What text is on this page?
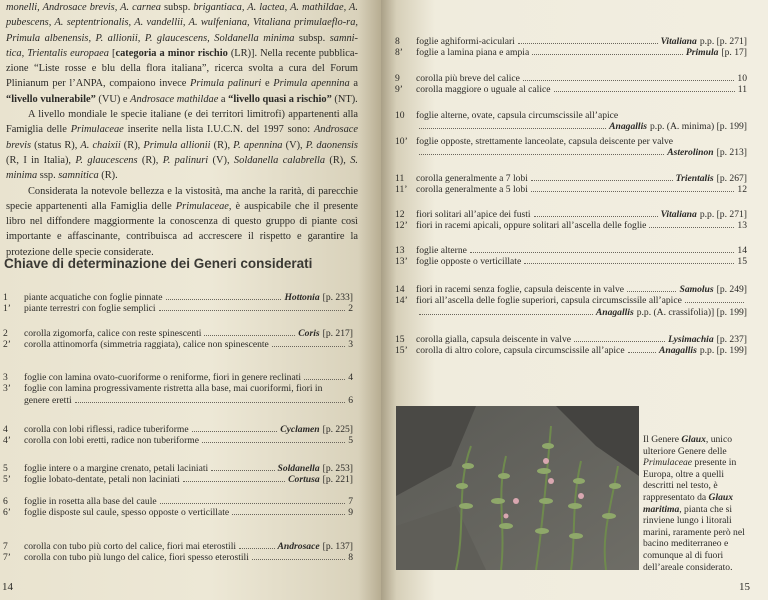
monelli, Androsace brevis, A. carnea subsp. brigantiaca, A. lactea, A. mathildae, A. pubescens, A. septentrionalis, A. vandellii, A. wulfeniana, Vitaliana primulaeflo-ra, Primula albenensis, P. allionii, P. glaucescens, Soldanella minima subsp. samni-tica, Trientalis europaea [categoria a minor rischio (LR)]. Nella recente pubblica-zione “Liste rosse e blu della flora italiana”, ricerca svolta a cura del Forum Plinianum per l’ANPA, compaiono invece Primula palinuri e Primula apennina a “livello vulnerabile” (VU) e Androsace mathildae a “livello quasi a rischio” (NT).

A livello mondiale le specie italiane (e dei territori limitrofi) appartenenti alla Famiglia delle Primulaceae inserite nella lista I.U.C.N. del 1997 sono: Androsace brevis (status R), A. chaixii (R), Primula allionii (R), P. apennina (V), P. daonensis (R, I in Italia), P. glaucescens (R), P. palinuri (V), Soldanella calabrella (R), S. minima ssp. samnitica (R).

Considerata la notevole bellezza e la vistosità, ma anche la rarità, di parecchie specie appartenenti alla Famiglia delle Primulaceae, è auspicabile che il presente libro nel diffondere maggiormente la conoscenza di questo gruppo di piante così importante e affascinante, contribuisca ad accrescere il rispetto e garantire la protezione delle specie considerate.

Chiave di determinazione dei Generi considerati
1 piante acquatiche con foglie pinnate	Hottonia [p. 233]
1’ piante terrestri con foglie semplici	2
2 corolla zigomorfa, calice con reste spinescenti	Coris [p. 217]
2’ corolla attinomorfa (simmetria raggiata), calice non spinescente	3
3 foglie con lamina ovato-cuoriforme o reniforme, fiori in genere reclinati	4
3’ foglie con lamina progressivamente ristretta alla base, mai cuoriformi, fiori in
genere eretti	6
4 corolla con lobi riflessi, radice tuberiforme	Cyclamen [p. 225]
4’ corolla con lobi eretti, radice non tuberiforme	5
5 foglie intere o a margine crenato, petali laciniati	Soldanella [p. 253]
5’ foglie lobato-dentate, petali non laciniati	Cortusa [p. 221]
6 foglie in rosetta alla base del caule	7
6’ foglie disposte sul caule, spesso opposte o verticillate	9
7 corolla con tubo più corto del calice, fiori mai eterostili	Androsace [p. 137]
7’ corolla con tubo più lungo del calice, fiori spesso eterostili	8
14
8 foglie aghiformi-aciculari	Vitaliana p.p. [p. 271]
8’ foglie a lamina piana e ampia	Primula [p. 17]
9 corolla più breve del calice	10
9’ corolla maggiore o uguale al calice	11
10 foglie alterne, ovate, capsula circumscissile all’apice
Anagallis p.p. (A. minima) [p. 199]
10’ foglie opposte, strettamente lanceolate, capsula deiscente per valve
Asterolinon [p. 213]
11 corolla generalmente a 7 lobi	Trientalis [p. 267]
11’ corolla generalmente a 5 lobi	12
12 fiori solitari all’apice dei fusti	Vitaliana p.p. [p. 271]
12’ fiori in racemi apicali, oppure solitari all’ascella delle foglie	13
13 foglie alterne	14
13’ foglie opposte o verticillate	15
14 fiori in racemi senza foglie, capsula deiscente in valve	Samolus [p. 249]
14’ fiori all’ascella delle foglie superiori, capsula circumscissile all’apice
Anagallis p.p. (A. crassifolia)] [p. 199]
15 corolla gialla, capsula deiscente in valve	Lysimachia [p. 237]
15’ corolla di altro colore, capsula circumscissile all’apice	Anagallis p.p. [p. 199]
Il Genere Glaux, unico ulteriore Genere delle Primulaceae presente in Europa, oltre a quelli descritti nel testo, è rappresentato da Glaux maritima, pianta che si rinviene lungo i litorali marini, raramente però nel bacino mediterraneo e comunque al di fuori dell’areale considerato.
15
